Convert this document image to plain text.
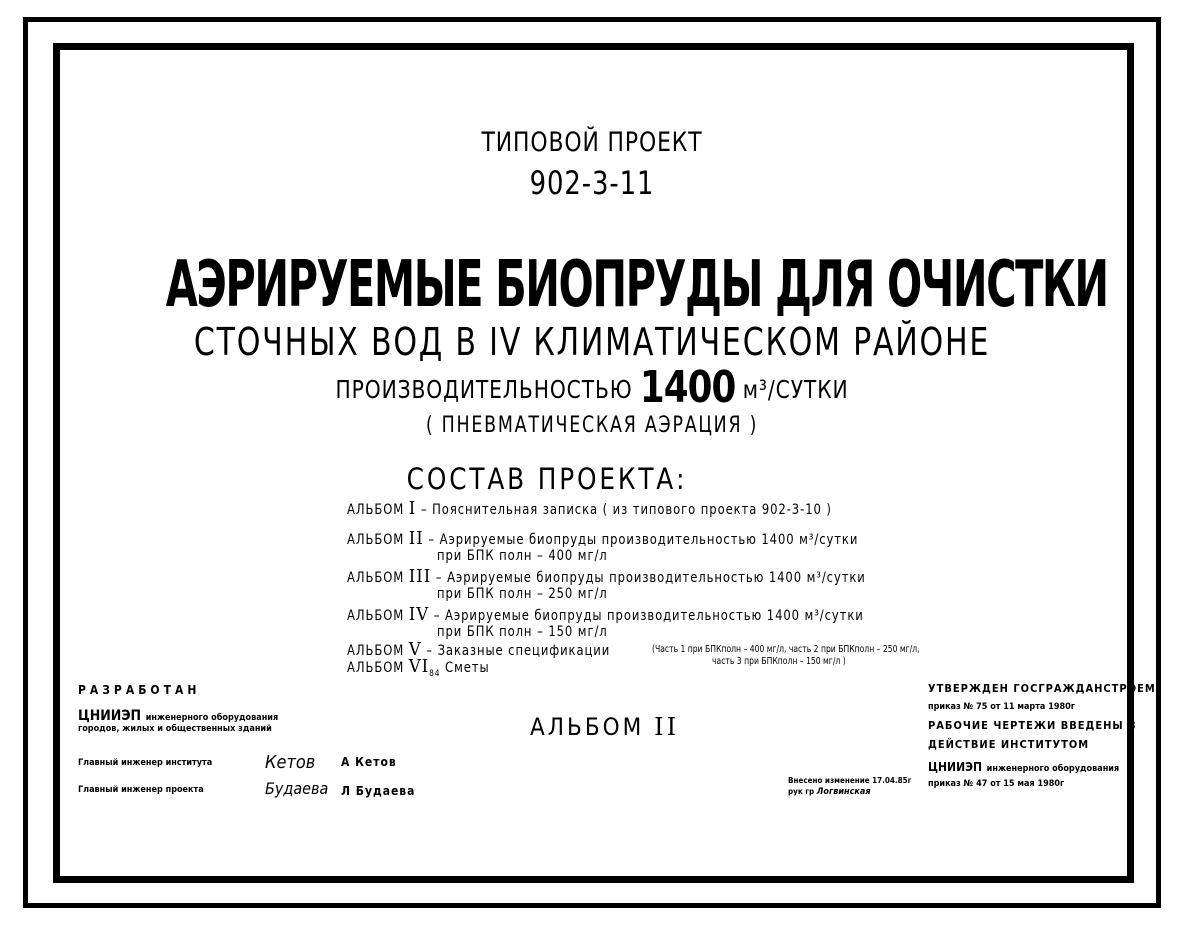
ТИПОВОЙ ПРОЕКТ
902-3-11
АЭРИРУЕМЫЕ БИОПРУДЫ ДЛЯ ОЧИСТКИ
СТОЧНЫХ ВОД В IV КЛИМАТИЧЕСКОМ РАЙОНЕ
ПРОИЗВОДИТЕЛЬНОСТЬЮ 1400 м³/СУТКИ
( ПНЕВМАТИЧЕСКАЯ АЭРАЦИЯ )
СОСТАВ ПРОЕКТА:
АЛЬБОМ I – Пояснительная записка ( из типового проекта 902-3-10 )
АЛЬБОМ II – Аэрируемые биопруды производительностью 1400 м³/сутки
при БПК полн – 400 мг/л
АЛЬБОМ III – Аэрируемые биопруды производительностью 1400 м³/сутки
при БПК полн – 250 мг/л
АЛЬБОМ IV – Аэрируемые биопруды производительностью 1400 м³/сутки
при БПК полн – 150 мг/л
АЛЬБОМ V – Заказные спецификации	(Часть 1 при БПКполн – 400 мг/л, часть 2 при БПКполн – 250 мг/л,
часть 3 при БПКполн – 150 мг/л )
АЛЬБОМ $VI_{84}$ Сметы
РАЗРАБОТАН
ЦНИИЭП инженерного оборудования
городов, жилых и общественных зданий
Главный инженер института	Кетов А Кетов
Главный инженер проекта	Будаева Л Будаева
АЛЬБОМ II
Внесено изменение 17.04.85г
рук гр Логвинская
УТВЕРЖДЕН ГОСГРАЖДАНСТРОЕМ
приказ № 75 от 11 марта 1980г
РАБОЧИЕ ЧЕРТЕЖИ ВВЕДЕНЫ В
ДЕЙСТВИЕ ИНСТИТУТОМ
ЦНИИЭП инженерного оборудования
приказ № 47 от 15 мая 1980г
